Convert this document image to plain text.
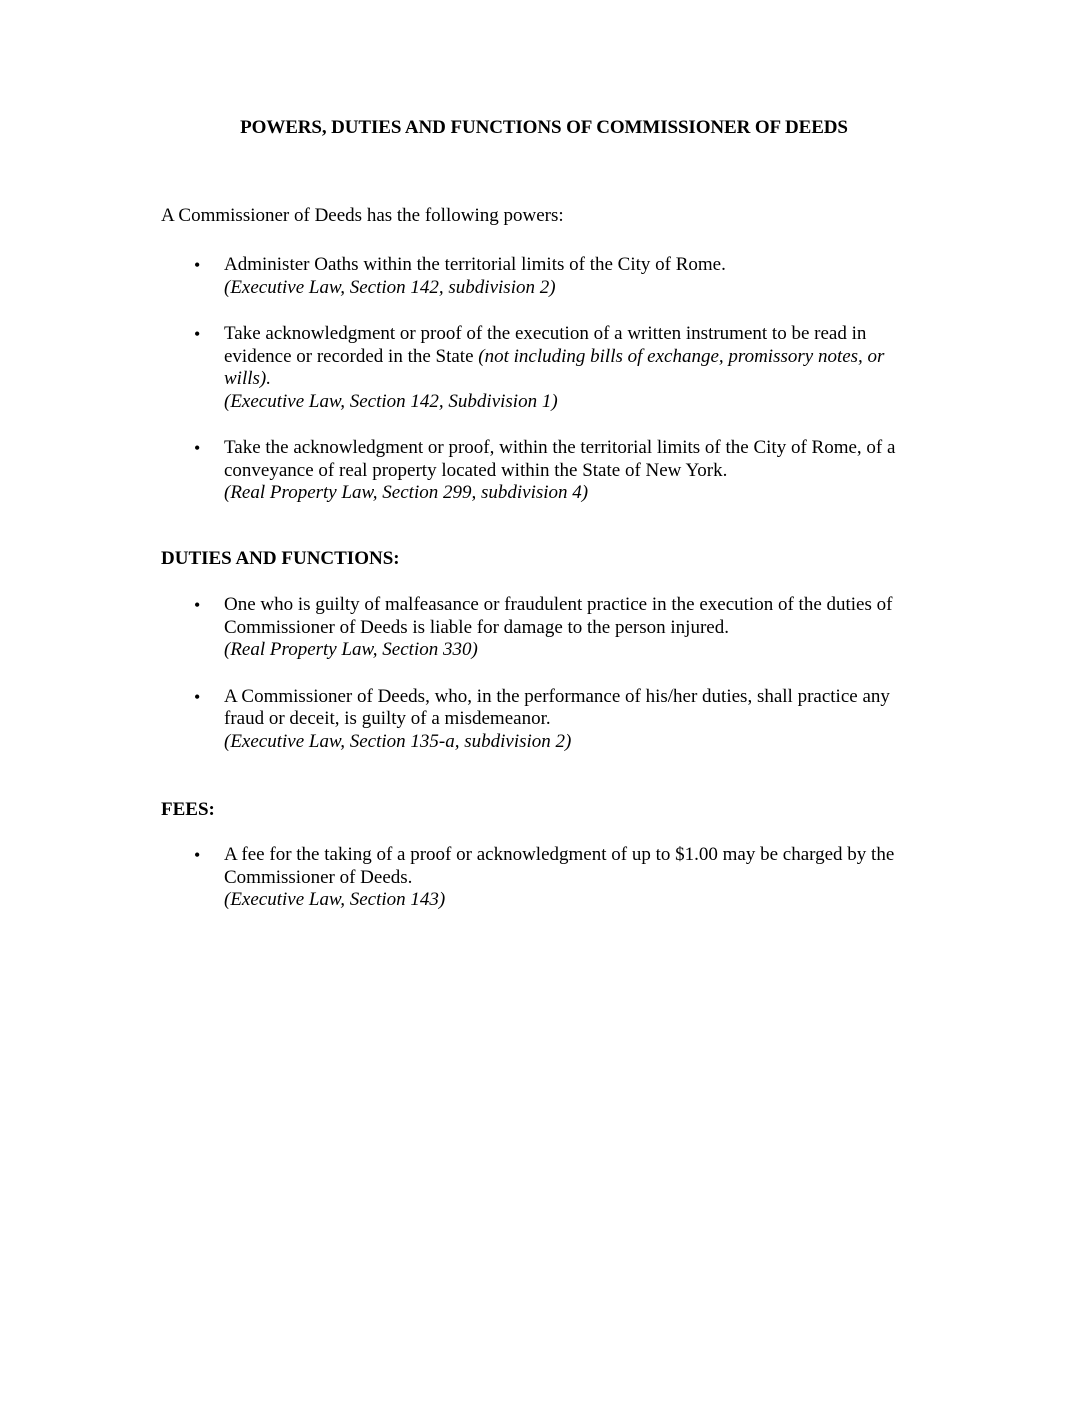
POWERS, DUTIES AND FUNCTIONS OF COMMISSIONER OF DEEDS

A Commissioner of Deeds has the following powers:

• Administer Oaths within the territorial limits of the City of Rome.
(Executive Law, Section 142, subdivision 2)
• Take acknowledgment or proof of the execution of a written instrument to be read in evidence or recorded in the State (not including bills of exchange, promissory notes, or wills).
(Executive Law, Section 142, Subdivision 1)
• Take the acknowledgment or proof, within the territorial limits of the City of Rome, of a conveyance of real property located within the State of New York.
(Real Property Law, Section 299, subdivision 4)
DUTIES AND FUNCTIONS:
• One who is guilty of malfeasance or fraudulent practice in the execution of the duties of Commissioner of Deeds is liable for damage to the person injured.
(Real Property Law, Section 330)
• A Commissioner of Deeds, who, in the performance of his/her duties, shall practice any fraud or deceit, is guilty of a misdemeanor.
(Executive Law, Section 135-a, subdivision 2)
FEES:
• A fee for the taking of a proof or acknowledgment of up to $1.00 may be charged by the Commissioner of Deeds.
(Executive Law, Section 143)
